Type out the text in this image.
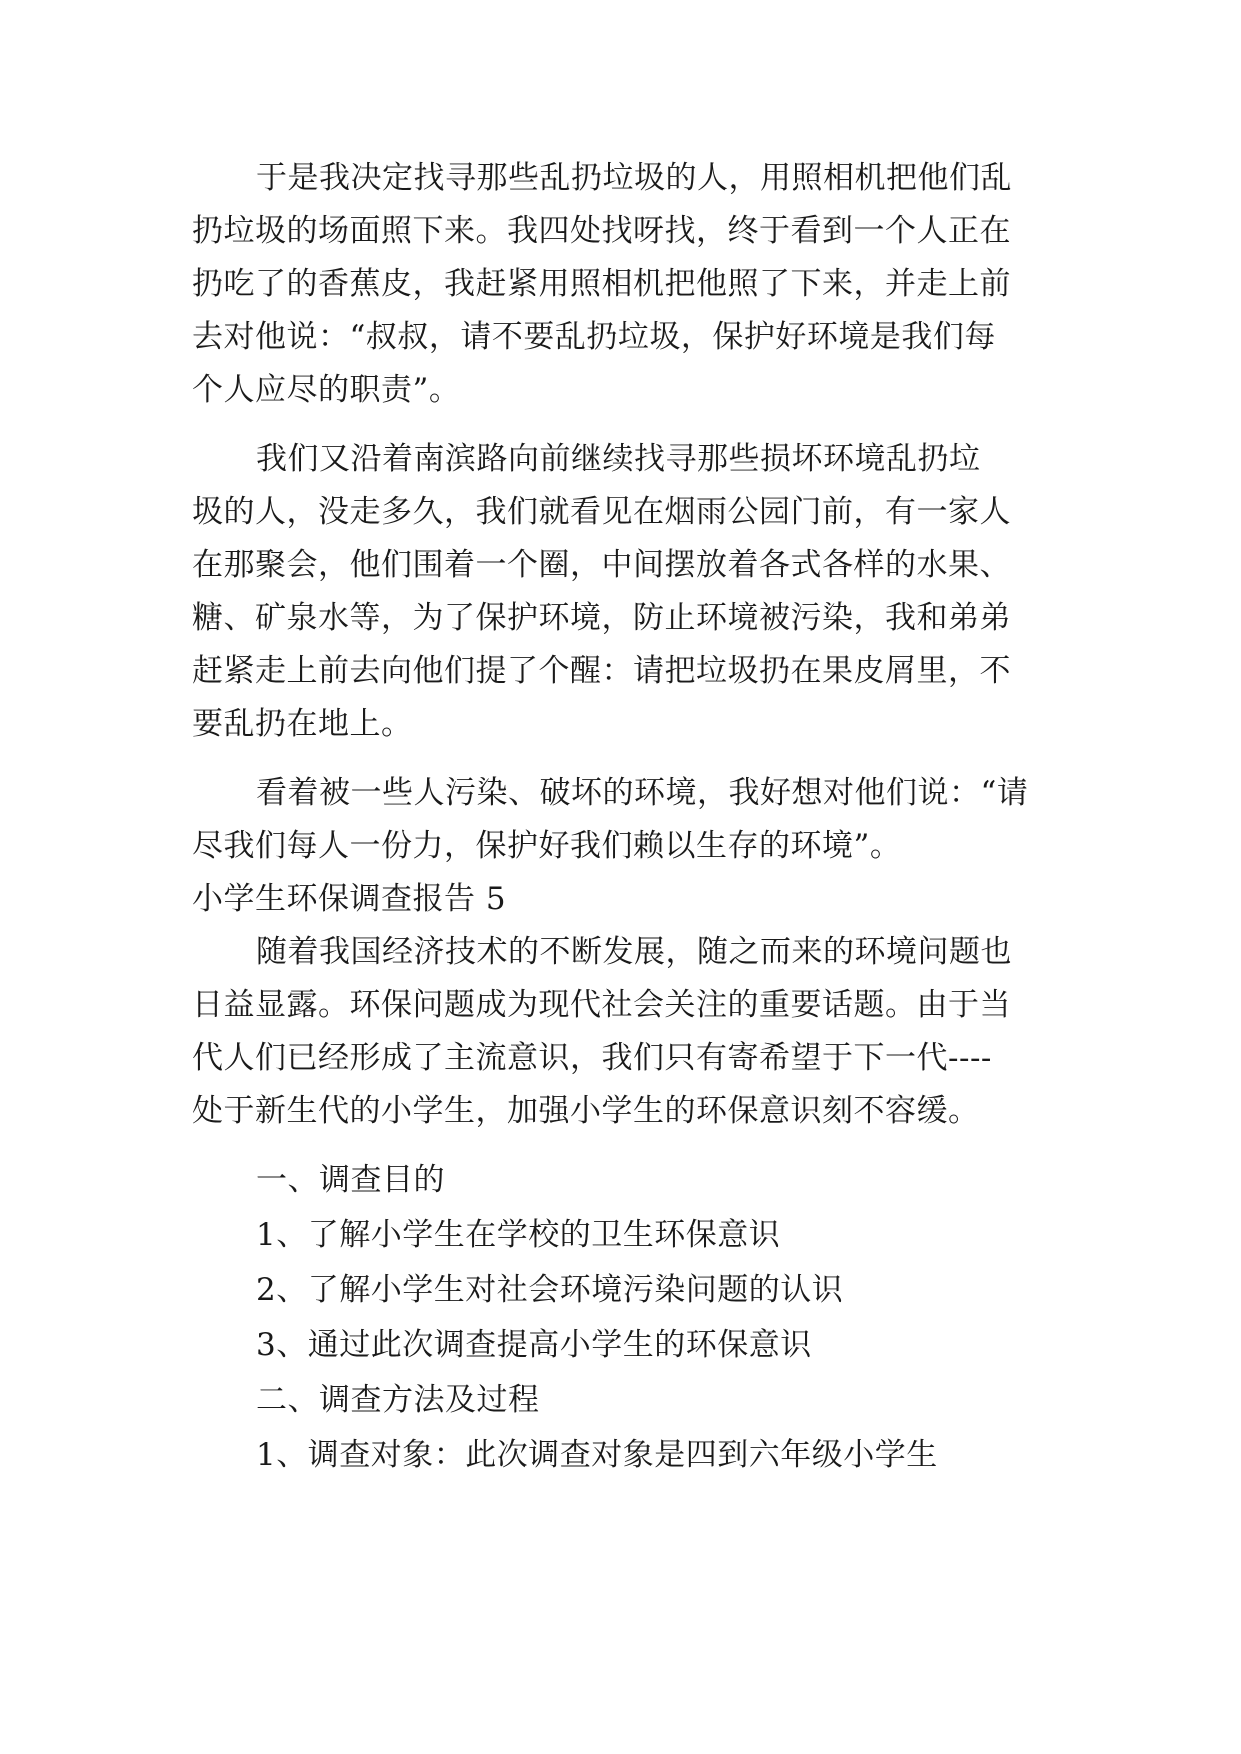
于是我决定找寻那些乱扔垃圾的人，用照相机把他们乱

扔垃圾的场面照下来。我四处找呀找，终于看到一个人正在

扔吃了的香蕉皮，我赶紧用照相机把他照了下来，并走上前

去对他说：“叔叔，请不要乱扔垃圾，保护好环境是我们每

个人应尽的职责”。

我们又沿着南滨路向前继续找寻那些损坏环境乱扔垃

圾的人，没走多久，我们就看见在烟雨公园门前，有一家人

在那聚会，他们围着一个圈，中间摆放着各式各样的水果、

糖、矿泉水等，为了保护环境，防止环境被污染，我和弟弟

赶紧走上前去向他们提了个醒：请把垃圾扔在果皮屑里，不

要乱扔在地上。

看着被一些人污染、破坏的环境，我好想对他们说：“请

尽我们每人一份力，保护好我们赖以生存的环境”。

小学生环保调查报告 5

随着我国经济技术的不断发展，随之而来的环境问题也

日益显露。环保问题成为现代社会关注的重要话题。由于当

代人们已经形成了主流意识，我们只有寄希望于下一代----

处于新生代的小学生，加强小学生的环保意识刻不容缓。

一、调查目的

1、了解小学生在学校的卫生环保意识

2、了解小学生对社会环境污染问题的认识

3、通过此次调查提高小学生的环保意识

二、调查方法及过程

1、调查对象：此次调查对象是四到六年级小学生
